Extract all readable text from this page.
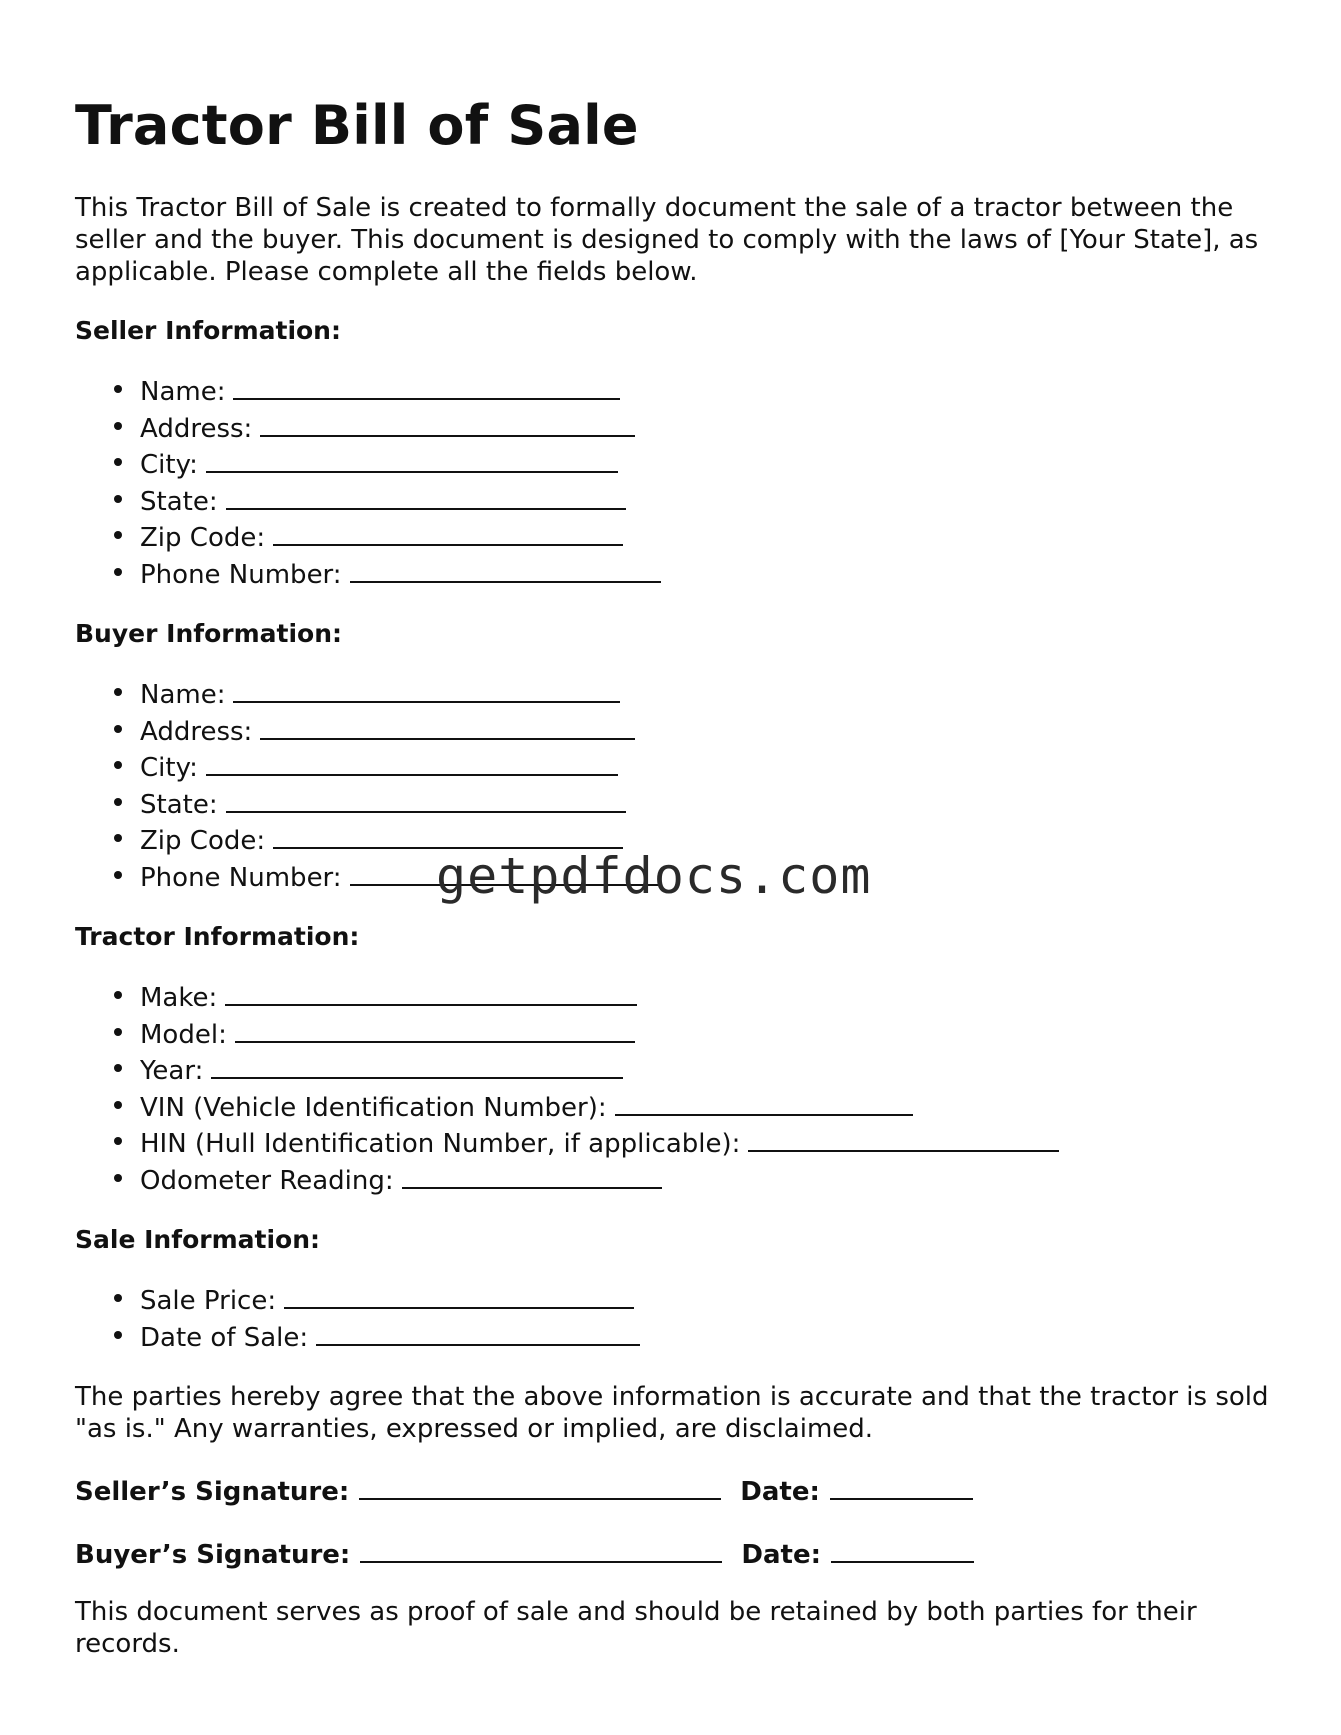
Tractor Bill of Sale

This Tractor Bill of Sale is created to formally document the sale of a tractor between the seller and the buyer. This document is designed to comply with the laws of [Your State], as applicable. Please complete all the fields below.

Seller Information:
Name:
Address:
City:
State:
Zip Code:
Phone Number:
Buyer Information:
Name:
Address:
City:
State:
Zip Code:
Phone Number:
Tractor Information:
Make:
Model:
Year:
VIN (Vehicle Identification Number):
HIN (Hull Identification Number, if applicable):
Odometer Reading:
Sale Information:
Sale Price:
Date of Sale:

The parties hereby agree that the above information is accurate and that the tractor is sold "as is." Any warranties, expressed or implied, are disclaimed.

Seller’s Signature:	Date:
Buyer’s Signature:	Date:

This document serves as proof of sale and should be retained by both parties for their records.

getpdfdocs.com
